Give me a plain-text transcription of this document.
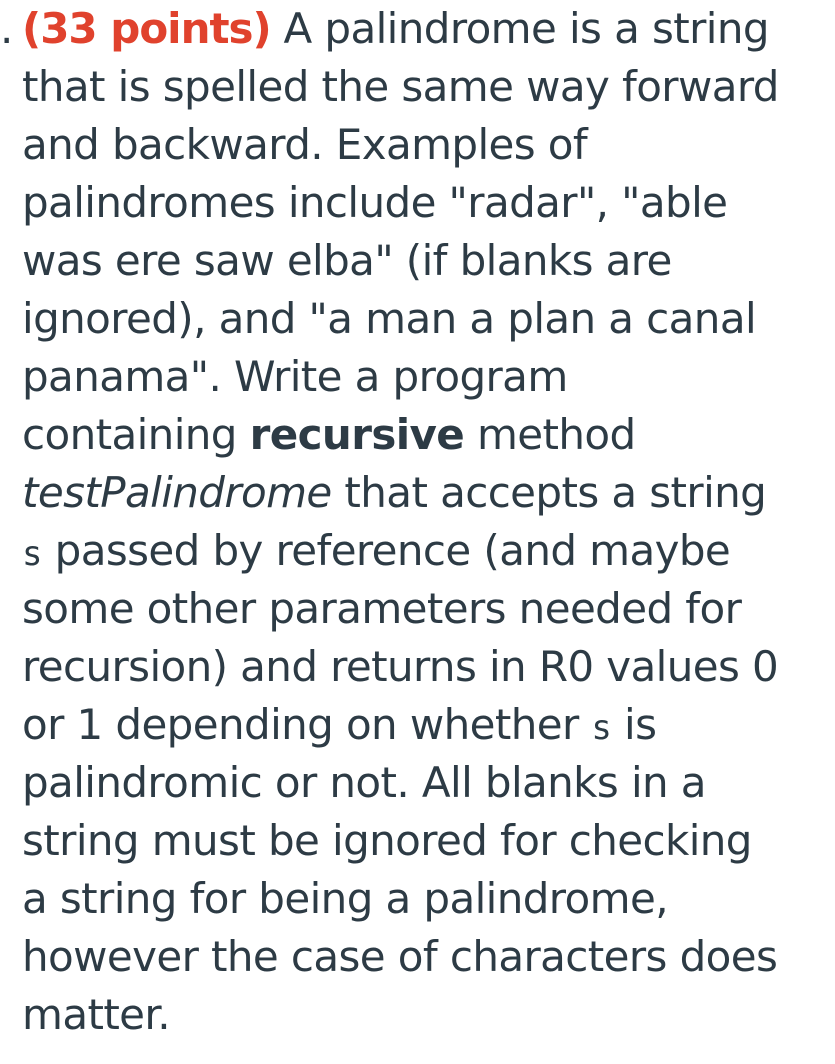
. (33 points) A palindrome is a string
that is spelled the same way forward
and backward. Examples of
palindromes include "radar", "able
was ere saw elba" (if blanks are
ignored), and "a man a plan a canal
panama". Write a program
containing recursive method
testPalindrome that accepts a string
s passed by reference (and maybe
some other parameters needed for
recursion) and returns in R0 values 0
or 1 depending on whether s is
palindromic or not. All blanks in a
string must be ignored for checking
a string for being a palindrome,
however the case of characters does
matter.
